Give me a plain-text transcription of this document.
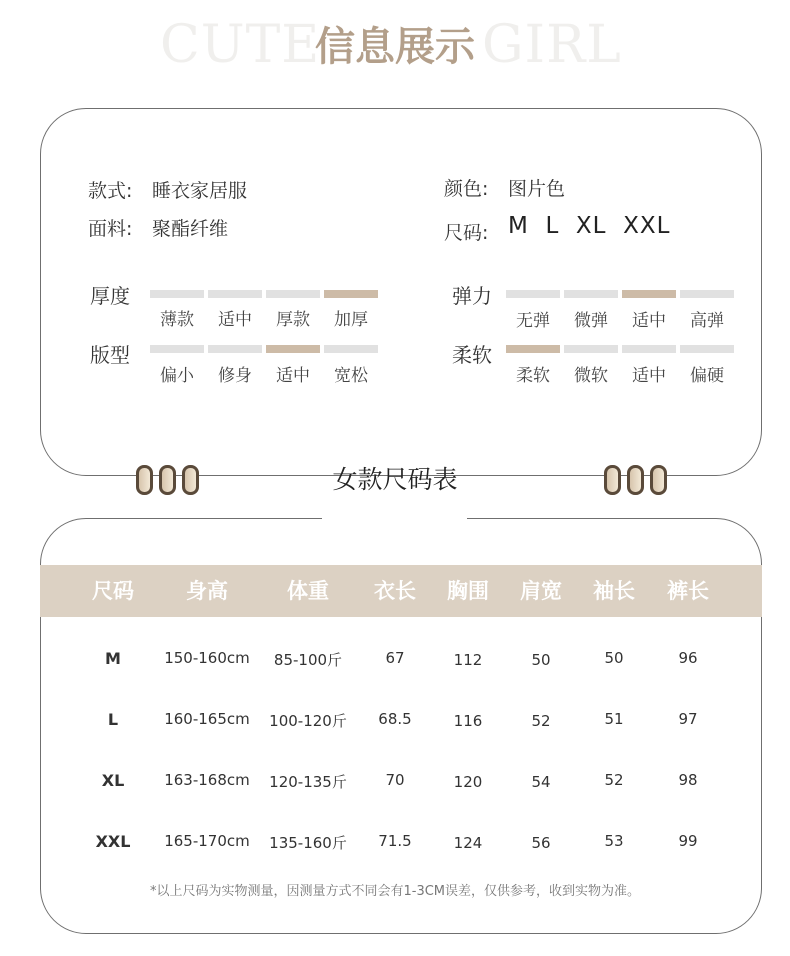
CUTE	GIRL
信息展示
款式: 睡衣家居服
面料: 聚酯纤维
颜色: 图片色
尺码: M  L  XL  XXL
厚度
薄款	适中	厚款	加厚
版型
偏小	修身	适中	宽松
弹力
无弹	微弹	适中	高弹
柔软
柔软	微软	适中	偏硬
女款尺码表
尺码	身高	体重	衣长	胸围	肩宽	袖长	裤长
M	150-160cm	85-100斤	67	112	50	50	96
L	160-165cm	100-120斤	68.5	116	52	51	97
XL	163-168cm	120-135斤	70	120	54	52	98
XXL	165-170cm	135-160斤	71.5	124	56	53	99
*以上尺码为实物测量，因测量方式不同会有1-3CM误差，仅供参考，收到实物为准。
